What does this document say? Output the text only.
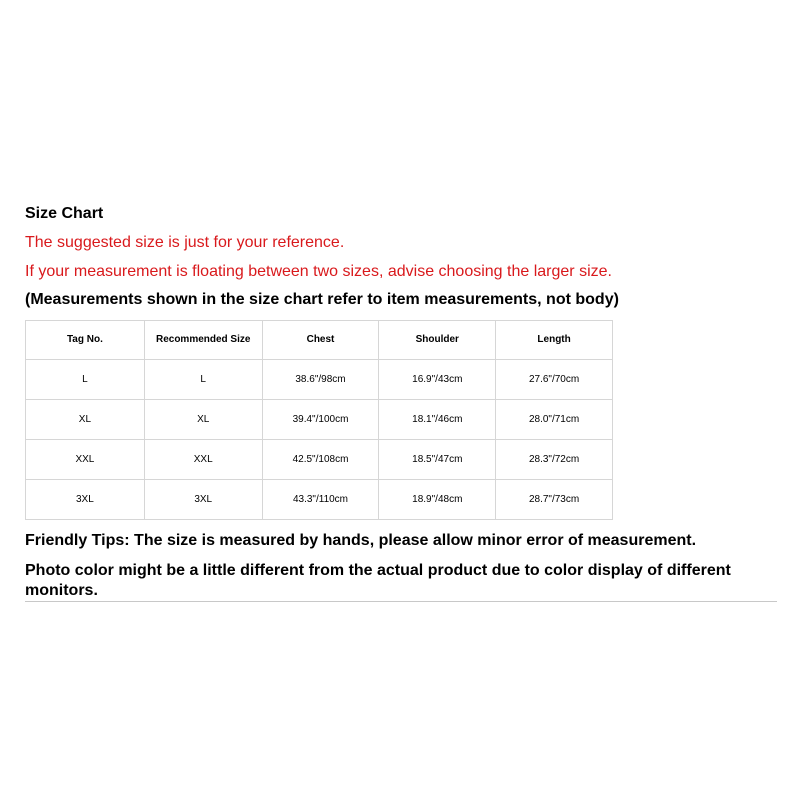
Size Chart
The suggested size is just for your reference.
If your measurement is floating between two sizes, advise choosing the larger size.
(Measurements shown in the size chart refer to item measurements, not body)
Tag No.	Recommended Size	Chest	Shoulder	Length
L	L	38.6"/98cm	16.9"/43cm	27.6"/70cm
XL	XL	39.4"/100cm	18.1"/46cm	28.0"/71cm
XXL	XXL	42.5"/108cm	18.5"/47cm	28.3"/72cm
3XL	3XL	43.3"/110cm	18.9"/48cm	28.7"/73cm
Friendly Tips: The size is measured by hands, please allow minor error of measurement.
Photo color might be a little different from the actual product due to color display of different monitors.
